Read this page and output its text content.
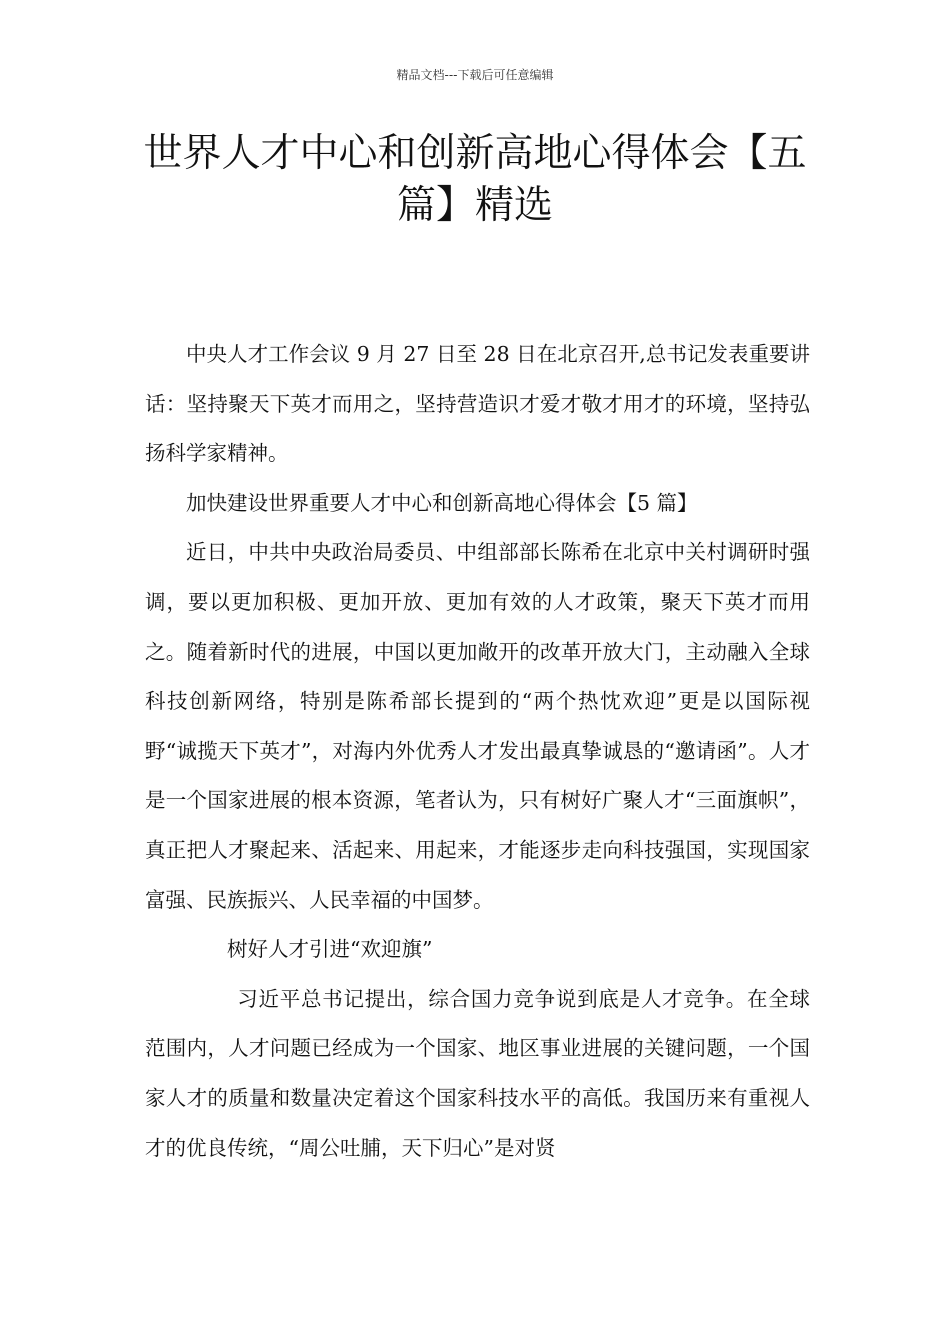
精品文档---下载后可任意编辑
世界人才中心和创新高地心得体会【五篇】精选

中央人才工作会议 9 月 27 日至 28 日在北京召开,总书记发表重要讲话：坚持聚天下英才而用之，坚持营造识才爱才敬才用才的环境，坚持弘扬科学家精神。

加快建设世界重要人才中心和创新高地心得体会【5 篇】

近日，中共中央政治局委员、中组部部长陈希在北京中关村调研时强调，要以更加积极、更加开放、更加有效的人才政策，聚天下英才而用之。随着新时代的进展，中国以更加敞开的改革开放大门，主动融入全球科技创新网络，特别是陈希部长提到的“两个热忱欢迎”更是以国际视野“诚揽天下英才”，对海内外优秀人才发出最真挚诚恳的“邀请函”。人才是一个国家进展的根本资源，笔者认为，只有树好广聚人才“三面旗帜”，真正把人才聚起来、活起来、用起来，才能逐步走向科技强国，实现国家富强、民族振兴、人民幸福的中国梦。

树好人才引进“欢迎旗”

习近平总书记提出，综合国力竞争说到底是人才竞争。在全球范围内，人才问题已经成为一个国家、地区事业进展的关键问题，一个国家人才的质量和数量决定着这个国家科技水平的高低。我国历来有重视人才的优良传统，“周公吐脯，天下归心”是对贤
